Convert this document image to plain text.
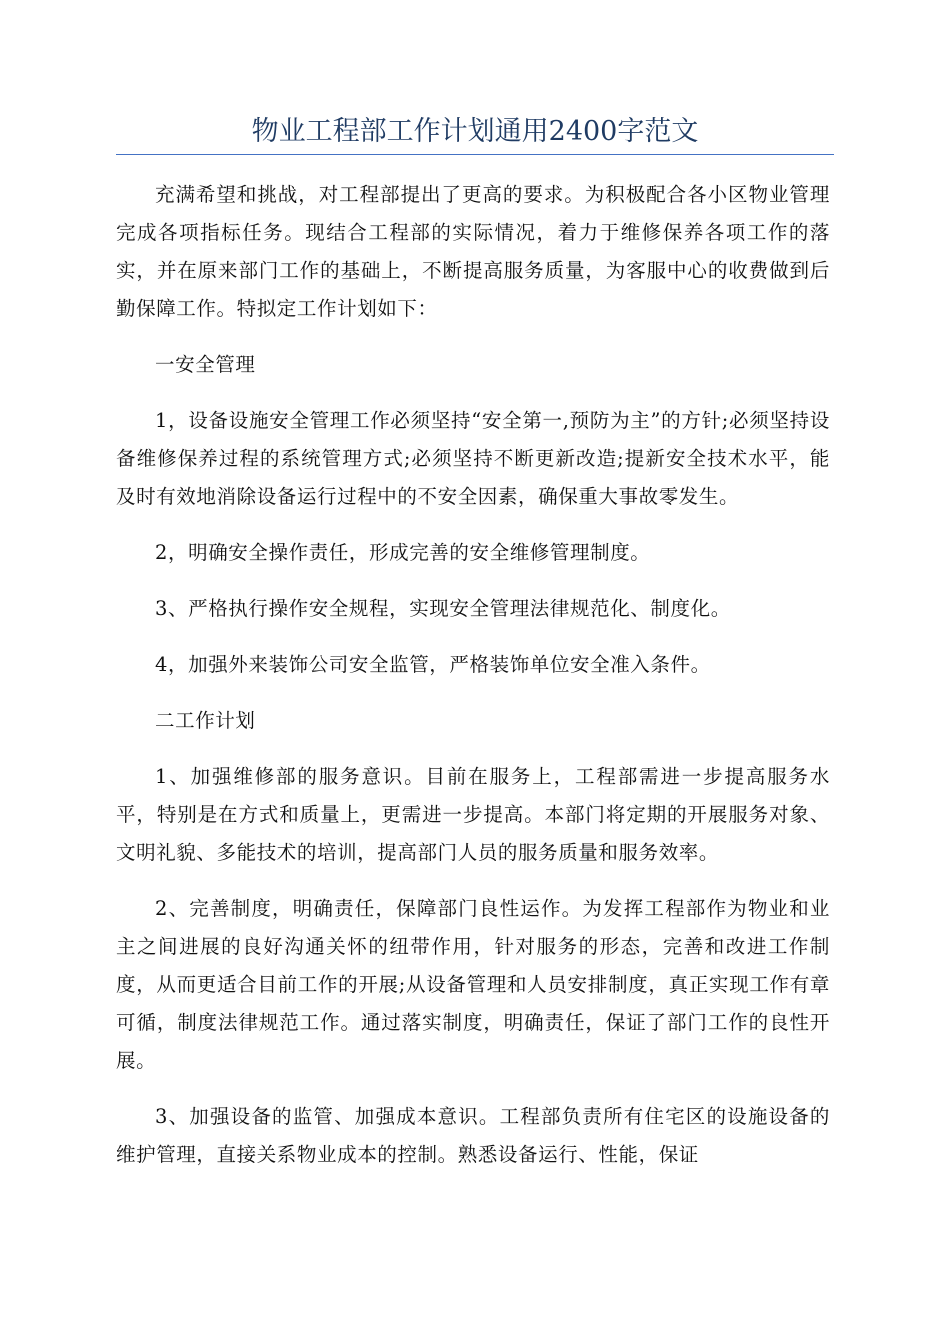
物业工程部工作计划通用2400字范文

充满希望和挑战，对工程部提出了更高的要求。为积极配合各小区物业管理完成各项指标任务。现结合工程部的实际情况，着力于维修保养各项工作的落实，并在原来部门工作的基础上，不断提高服务质量，为客服中心的收费做到后勤保障工作。特拟定工作计划如下：

一安全管理

1，设备设施安全管理工作必须坚持“安全第一,预防为主”的方针;必须坚持设备维修保养过程的系统管理方式;必须坚持不断更新改造;提新安全技术水平，能及时有效地消除设备运行过程中的不安全因素，确保重大事故零发生。

2，明确安全操作责任，形成完善的安全维修管理制度。

3、严格执行操作安全规程，实现安全管理法律规范化、制度化。

4，加强外来装饰公司安全监管，严格装饰单位安全准入条件。

二工作计划

1、加强维修部的服务意识。目前在服务上，工程部需进一步提高服务水平，特别是在方式和质量上，更需进一步提高。本部门将定期的开展服务对象、文明礼貌、多能技术的培训，提高部门人员的服务质量和服务效率。

2、完善制度，明确责任，保障部门良性运作。为发挥工程部作为物业和业主之间进展的良好沟通关怀的纽带作用，针对服务的形态，完善和改进工作制度，从而更适合目前工作的开展;从设备管理和人员安排制度，真正实现工作有章可循，制度法律规范工作。通过落实制度，明确责任，保证了部门工作的良性开展。

3、加强设备的监管、加强成本意识。工程部负责所有住宅区的设施设备的维护管理，直接关系物业成本的控制。熟悉设备运行、性能，保证
